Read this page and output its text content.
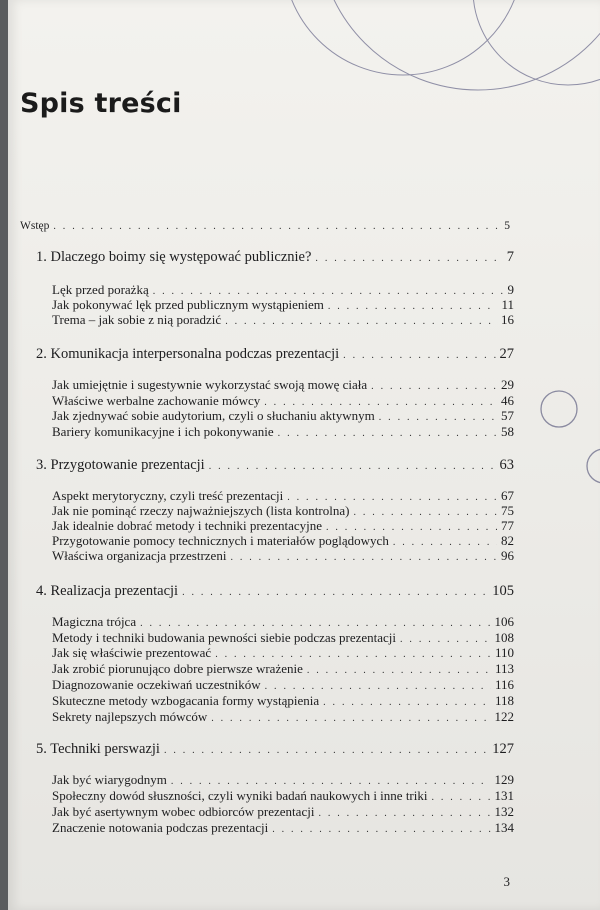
Spis treści
Wstęp . . .	5
1. Dlaczego boimy się występować publicznie? . . .	7
Lęk przed porażką . . .	9
Jak pokonywać lęk przed publicznym wystąpieniem . . .	11
Trema – jak sobie z nią poradzić . . .	16
2. Komunikacja interpersonalna podczas prezentacji . . .	27
Jak umiejętnie i sugestywnie wykorzystać swoją mowę ciała . . .	29
Właściwe werbalne zachowanie mówcy . . .	46
Jak zjednywać sobie audytorium, czyli o słuchaniu aktywnym . . .	57
Bariery komunikacyjne i ich pokonywanie . . .	58
3. Przygotowanie prezentacji . . .	63
Aspekt merytoryczny, czyli treść prezentacji . . .	67
Jak nie pominąć rzeczy najważniejszych (lista kontrolna) . . .	75
Jak idealnie dobrać metody i techniki prezentacyjne . . .	77
Przygotowanie pomocy technicznych i materiałów poglądowych . . .	82
Właściwa organizacja przestrzeni . . .	96
4. Realizacja prezentacji . . .	105
Magiczna trójca . . .	106
Metody i techniki budowania pewności siebie podczas prezentacji . . .	108
Jak się właściwie prezentować . . .	110
Jak zrobić piorunująco dobre pierwsze wrażenie . . .	113
Diagnozowanie oczekiwań uczestników . . .	116
Skuteczne metody wzbogacania formy wystąpienia . . .	118
Sekrety najlepszych mówców . . .	122
5. Techniki perswazji . . .	127
Jak być wiarygodnym . . .	129
Społeczny dowód słuszności, czyli wyniki badań naukowych i inne triki . . .	131
Jak być asertywnym wobec odbiorców prezentacji . . .	132
Znaczenie notowania podczas prezentacji . . .	134
3
